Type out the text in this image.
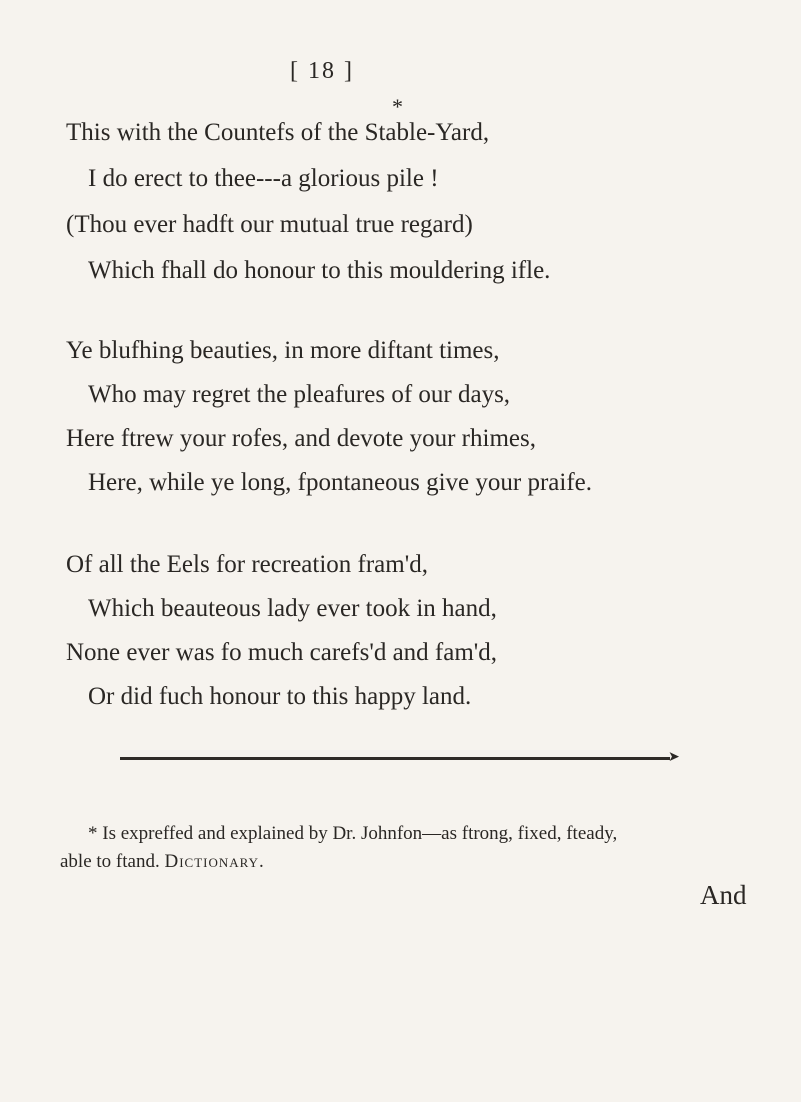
[ 18 ]
*
This with the Countefs of the Stable-Yard,
I do erect to thee---a glorious pile !
(Thou ever hadft our mutual true regard)
Which fhall do honour to this mouldering ifle.
Ye blufhing beauties, in more diftant times,
Who may regret the pleafures of our days,
Here ftrew your rofes, and devote your rhimes,
Here, while ye long, fpontaneous give your praife.
Of all the Eels for recreation fram'd,
Which beauteous lady ever took in hand,
None ever was fo much carefs'd and fam'd,
Or did fuch honour to this happy land.
➤
* Is expreffed and explained by Dr. Johnfon—as ftrong, fixed, fteady,
able to ftand. Dictionary.
And
